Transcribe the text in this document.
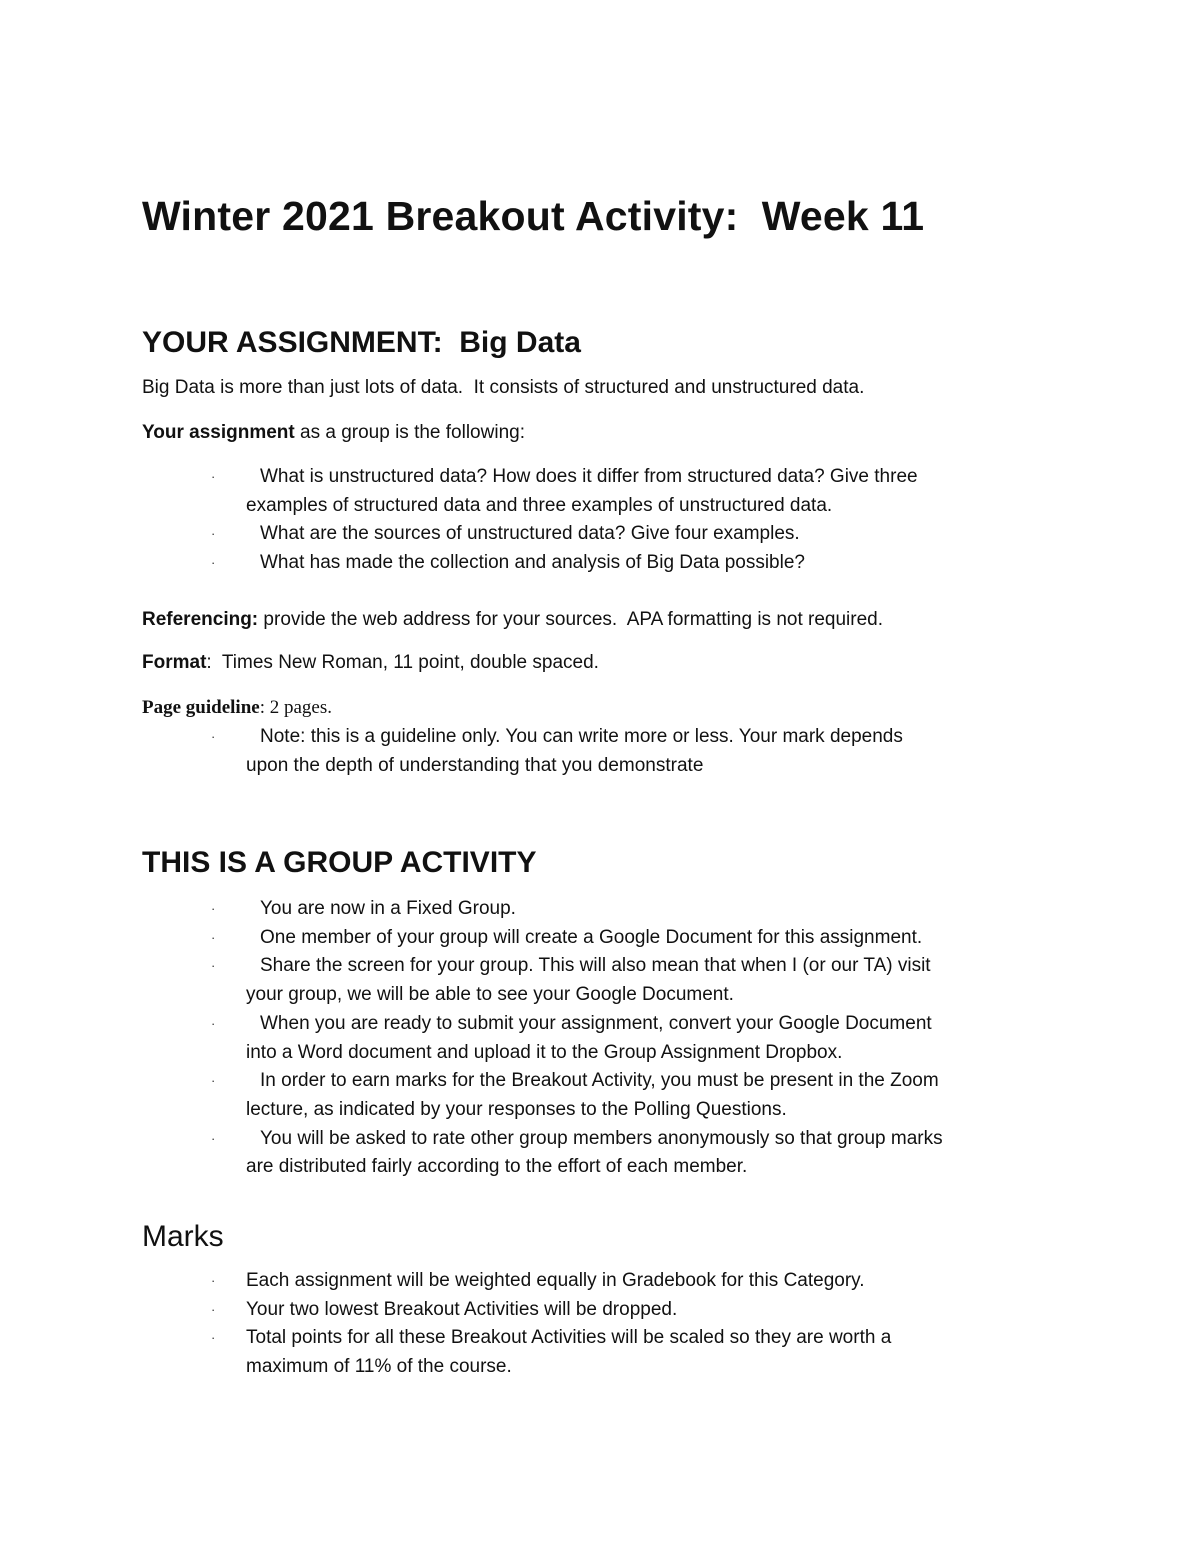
Winter 2021 Breakout Activity:  Week 11
YOUR ASSIGNMENT:  Big Data

Big Data is more than just lots of data.  It consists of structured and unstructured data.

Your assignment as a group is the following:

· What is unstructured data? How does it differ from structured data? Give three
examples of structured data and three examples of unstructured data.
· What are the sources of unstructured data? Give four examples.
· What has made the collection and analysis of Big Data possible?

Referencing: provide the web address for your sources.  APA formatting is not required.

Format:  Times New Roman, 11 point, double spaced.

Page guideline: 2 pages.

· Note: this is a guideline only. You can write more or less. Your mark depends
upon the depth of understanding that you demonstrate
THIS IS A GROUP ACTIVITY
· You are now in a Fixed Group.
· One member of your group will create a Google Document for this assignment.
· Share the screen for your group. This will also mean that when I (or our TA) visit
your group, we will be able to see your Google Document.
· When you are ready to submit your assignment, convert your Google Document
into a Word document and upload it to the Group Assignment Dropbox.
· In order to earn marks for the Breakout Activity, you must be present in the Zoom
lecture, as indicated by your responses to the Polling Questions.
· You will be asked to rate other group members anonymously so that group marks
are distributed fairly according to the effort of each member.
Marks
· Each assignment will be weighted equally in Gradebook for this Category.
· Your two lowest Breakout Activities will be dropped.
· Total points for all these Breakout Activities will be scaled so they are worth a
maximum of 11% of the course.
